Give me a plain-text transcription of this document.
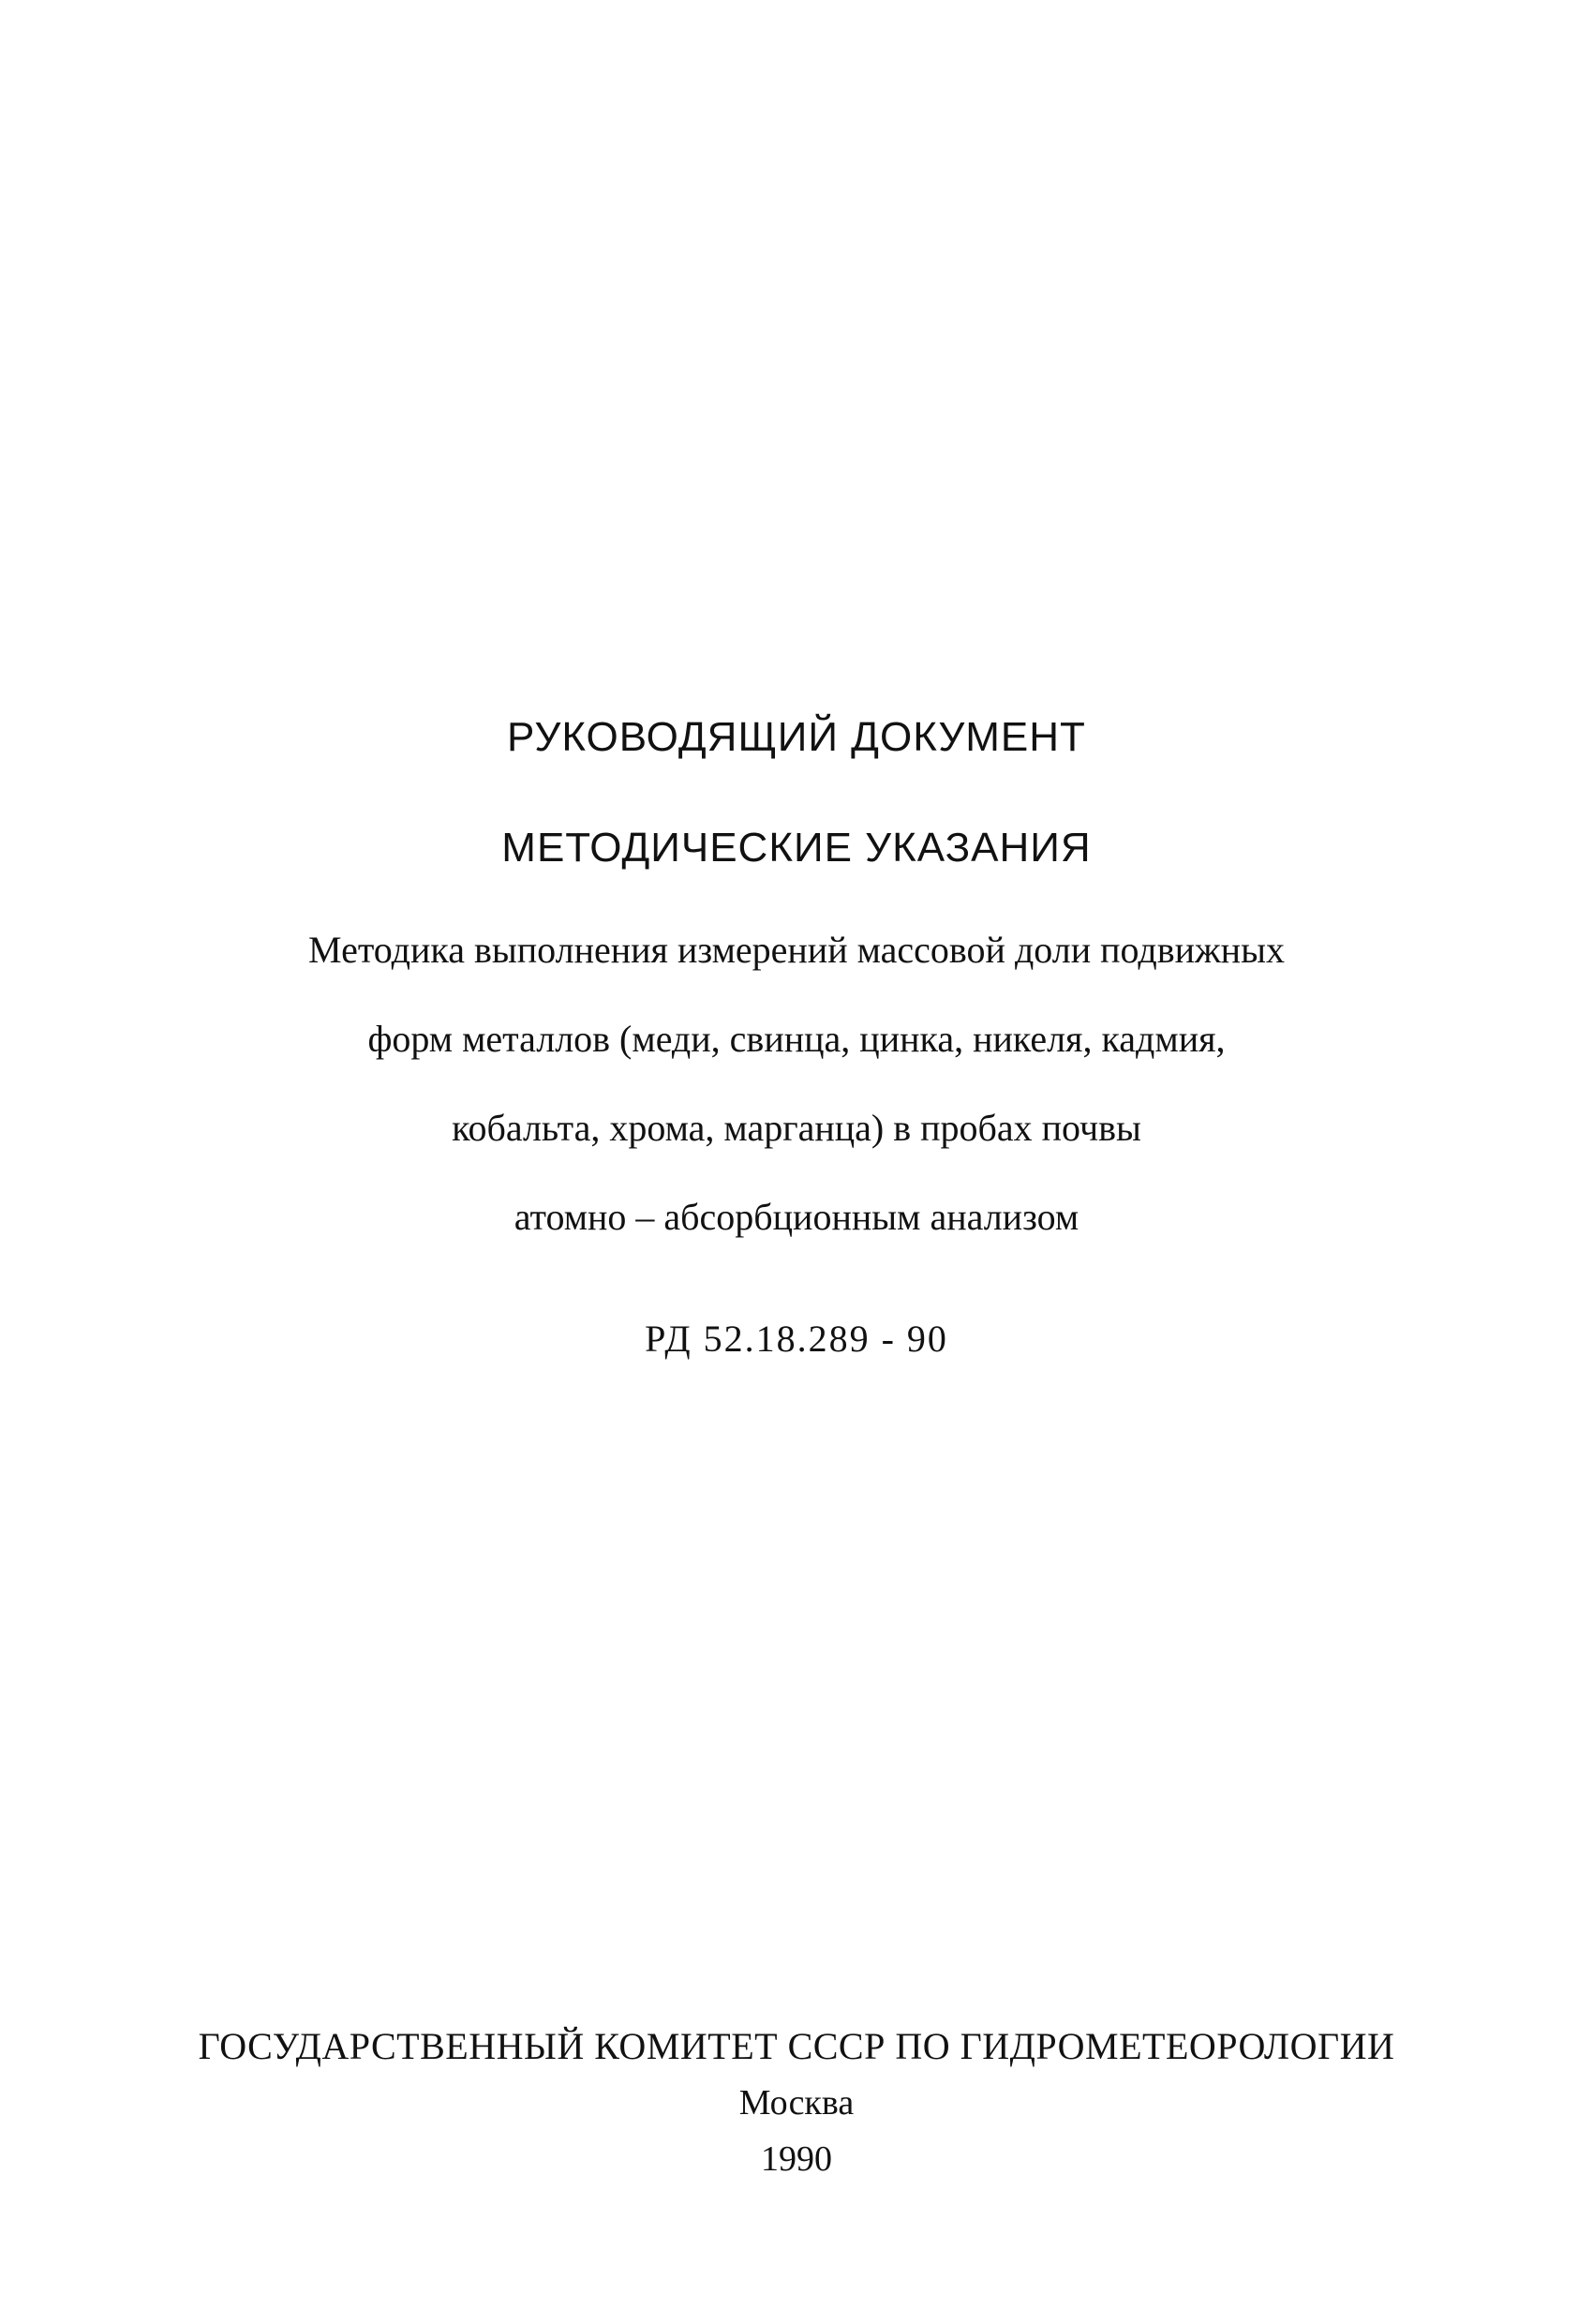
РУКОВОДЯЩИЙ ДОКУМЕНТ
МЕТОДИЧЕСКИЕ УКАЗАНИЯ
Методика выполнения измерений массовой доли подвижных
форм металлов (меди, свинца, цинка, никеля, кадмия,
кобальта, хрома, марганца) в пробах почвы
атомно – абсорбционным анализом
РД 52.18.289 - 90
ГОСУДАРСТВЕННЫЙ КОМИТЕТ СССР ПО ГИДРОМЕТЕОРОЛОГИИ
Москва
1990
